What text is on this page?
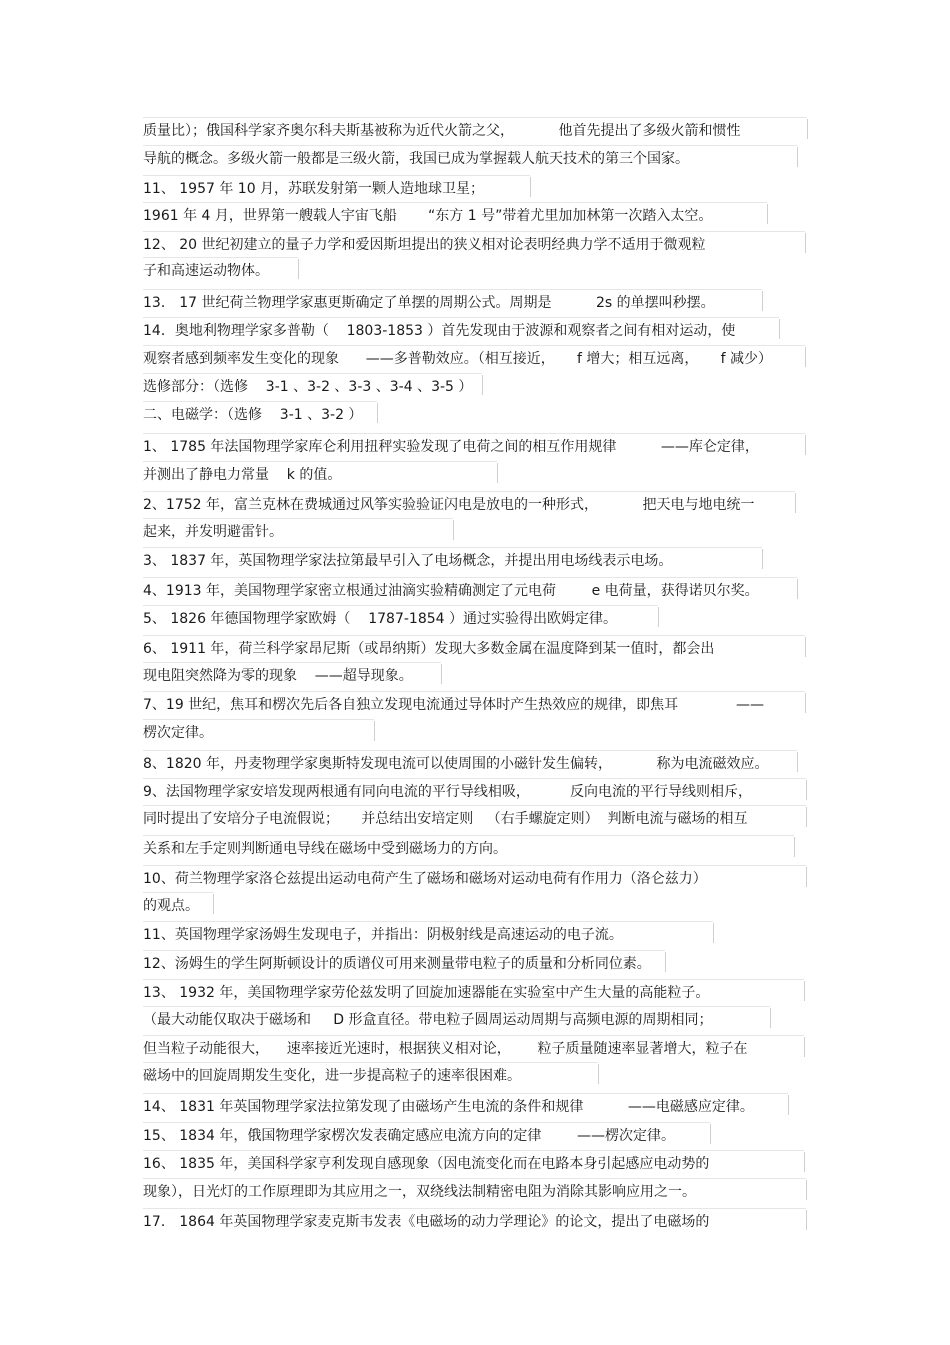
质量比）；俄国科学家齐奥尔科夫斯基被称为近代火箭之父，          他首先提出了多级火箭和惯性
导航的概念。多级火箭一般都是三级火箭，我国已成为掌握载人航天技术的第三个国家。
11、 1957 年 10 月，苏联发射第一颗人造地球卫星；
1961 年 4 月，世界第一艘载人宇宙飞船       “东方 1 号”带着尤里加加林第一次踏入太空。
12、 20 世纪初建立的量子力学和爱因斯坦提出的狭义相对论表明经典力学不适用于微观粒
子和高速运动物体。
13． 17 世纪荷兰物理学家惠更斯确定了单摆的周期公式。周期是          2s 的单摆叫秒摆。
14．奥地利物理学家多普勒（    1803-1853 ）首先发现由于波源和观察者之间有相对运动，使
观察者感到频率发生变化的现象      ——多普勒效应。（相互接近，     f 增大；相互远离，     f 减少）
选修部分：（选修    3-1 、3-2 、3-3 、3-4 、3-5 ）
二、电磁学：（选修    3-1 、3-2 ）
1、 1785 年法国物理学家库仑利用扭秤实验发现了电荷之间的相互作用规律          ——库仑定律，
并测出了静电力常量    k 的值。
2、1752 年，富兰克林在费城通过风筝实验验证闪电是放电的一种形式，          把天电与地电统一
起来，并发明避雷针。
3、 1837 年，英国物理学家法拉第最早引入了电场概念，并提出用电场线表示电场。
4、1913 年，美国物理学家密立根通过油滴实验精确测定了元电荷        e 电荷量，获得诺贝尔奖。
5、 1826 年德国物理学家欧姆（    1787-1854 ）通过实验得出欧姆定律。
6、 1911 年，荷兰科学家昂尼斯（或昂纳斯）发现大多数金属在温度降到某一值时，都会出
现电阻突然降为零的现象    ——超导现象。
7、19 世纪，焦耳和楞次先后各自独立发现电流通过导体时产生热效应的规律，即焦耳             ——
楞次定律。
8、1820 年，丹麦物理学家奥斯特发现电流可以使周围的小磁针发生偏转，          称为电流磁效应。
9、法国物理学家安培发现两根通有同向电流的平行导线相吸，         反向电流的平行导线则相斥，
同时提出了安培分子电流假说；     并总结出安培定则   （右手螺旋定则）  判断电流与磁场的相互
关系和左手定则判断通电导线在磁场中受到磁场力的方向。
10、荷兰物理学家洛仑兹提出运动电荷产生了磁场和磁场对运动电荷有作用力（洛仑兹力）
的观点。
11、英国物理学家汤姆生发现电子，并指出：阴极射线是高速运动的电子流。
12、汤姆生的学生阿斯顿设计的质谱仪可用来测量带电粒子的质量和分析同位素。
13、 1932 年，美国物理学家劳伦兹发明了回旋加速器能在实验室中产生大量的高能粒子。
（最大动能仅取决于磁场和     D 形盒直径。带电粒子圆周运动周期与高频电源的周期相同；
但当粒子动能很大，    速率接近光速时，根据狭义相对论，      粒子质量随速率显著增大，粒子在
磁场中的回旋周期发生变化，进一步提高粒子的速率很困难。
14、 1831 年英国物理学家法拉第发现了由磁场产生电流的条件和规律          ——电磁感应定律。
15、 1834 年，俄国物理学家楞次发表确定感应电流方向的定律        ——楞次定律。
16、 1835 年，美国科学家亨利发现自感现象（因电流变化而在电路本身引起感应电动势的
现象），日光灯的工作原理即为其应用之一，双绕线法制精密电阻为消除其影响应用之一。
17． 1864 年英国物理学家麦克斯韦发表《电磁场的动力学理论》的论文，提出了电磁场的
